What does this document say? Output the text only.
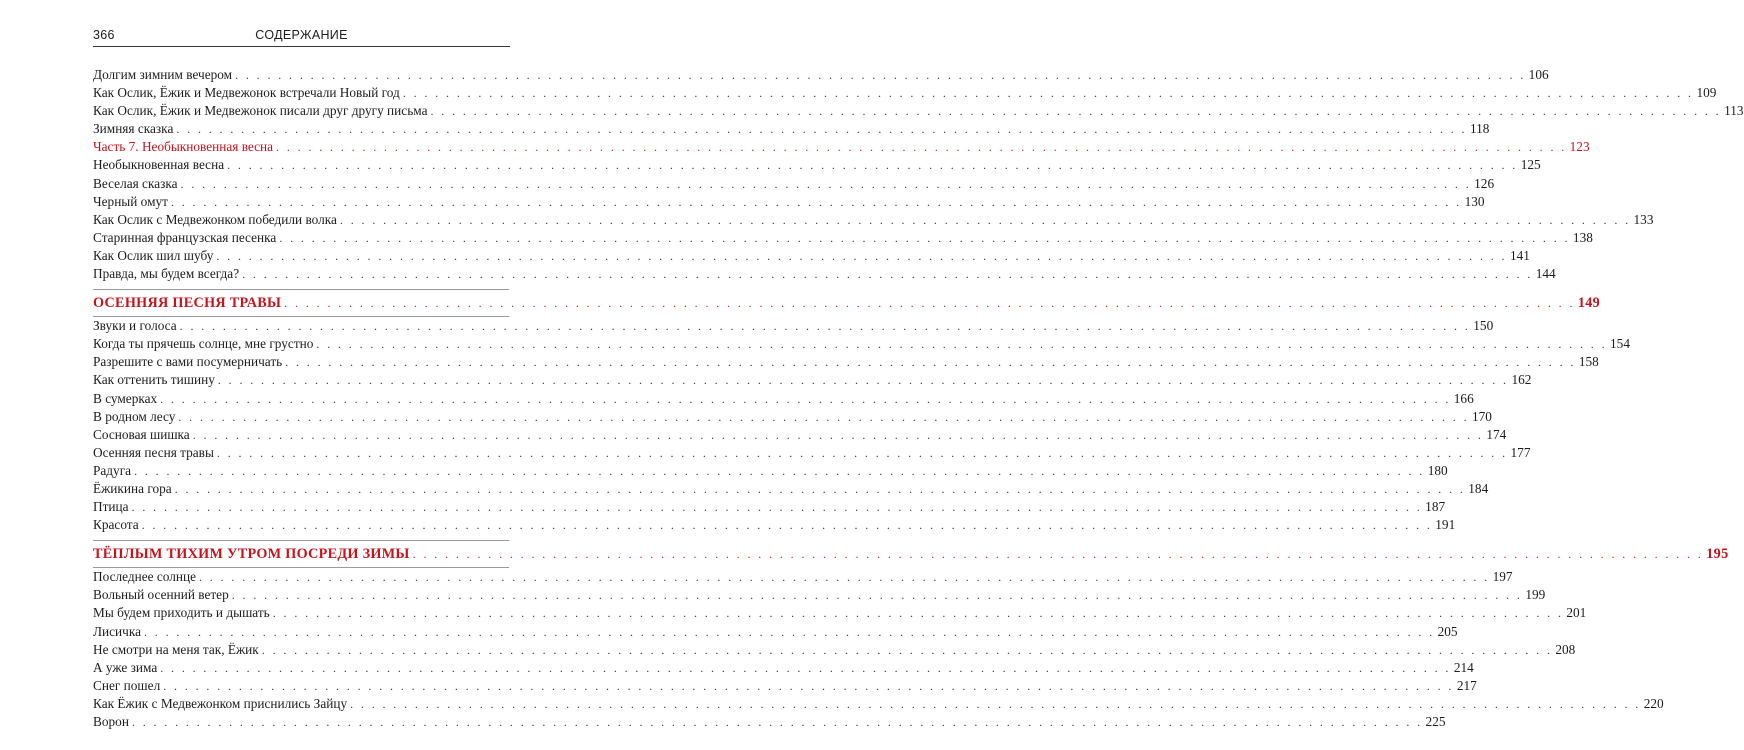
366	СОДЕРЖАНИЕ
Долгим зимним вечером . . . . . . . . . . . . . . . . . . . . . . . . . . . . . . . . . . . . . . . . . . . . . . . . . . . . . . . . . . . . . . . . . . . . . . . . . . . . . . . . . . . . . . . . . . . . . . . . . . . . . . . . . . . . . . . . . . . . . . . . 106
Как Ослик, Ёжик и Медвежонок встречали Новый год . . . . . . . . . . . . . . . . . . . . . . . . . . . . . . . . . . . . . . . . . . . . . . . . . . . . . . . . . . . . . . . . . . . . . . . . . . . . . . . . . . . . . . . . . . . . . . . . . . . . . . . . . . . . . . . . . . . . . . . . 109
Как Ослик, Ёжик и Медвежонок писали друг другу письма . . . . . . . . . . . . . . . . . . . . . . . . . . . . . . . . . . . . . . . . . . . . . . . . . . . . . . . . . . . . . . . . . . . . . . . . . . . . . . . . . . . . . . . . . . . . . . . . . . . . . . . . . . . . . . . . . . . . . . . . 113
Зимняя сказка . . . . . . . . . . . . . . . . . . . . . . . . . . . . . . . . . . . . . . . . . . . . . . . . . . . . . . . . . . . . . . . . . . . . . . . . . . . . . . . . . . . . . . . . . . . . . . . . . . . . . . . . . . . . . . . . . . . . . . . . 118
Часть 7. Необыкновенная весна . . . . . . . . . . . . . . . . . . . . . . . . . . . . . . . . . . . . . . . . . . . . . . . . . . . . . . . . . . . . . . . . . . . . . . . . . . . . . . . . . . . . . . . . . . . . . . . . . . . . . . . . . . . . . . . . . . . . . . . . 123
Необыкновенная весна . . . . . . . . . . . . . . . . . . . . . . . . . . . . . . . . . . . . . . . . . . . . . . . . . . . . . . . . . . . . . . . . . . . . . . . . . . . . . . . . . . . . . . . . . . . . . . . . . . . . . . . . . . . . . . . . . . . . . . . . 125
Веселая сказка . . . . . . . . . . . . . . . . . . . . . . . . . . . . . . . . . . . . . . . . . . . . . . . . . . . . . . . . . . . . . . . . . . . . . . . . . . . . . . . . . . . . . . . . . . . . . . . . . . . . . . . . . . . . . . . . . . . . . . . . 126
Черный омут . . . . . . . . . . . . . . . . . . . . . . . . . . . . . . . . . . . . . . . . . . . . . . . . . . . . . . . . . . . . . . . . . . . . . . . . . . . . . . . . . . . . . . . . . . . . . . . . . . . . . . . . . . . . . . . . . . . . . . . . 130
Как Ослик с Медвежонком победили волка . . . . . . . . . . . . . . . . . . . . . . . . . . . . . . . . . . . . . . . . . . . . . . . . . . . . . . . . . . . . . . . . . . . . . . . . . . . . . . . . . . . . . . . . . . . . . . . . . . . . . . . . . . . . . . . . . . . . . . . . 133
Старинная французская песенка . . . . . . . . . . . . . . . . . . . . . . . . . . . . . . . . . . . . . . . . . . . . . . . . . . . . . . . . . . . . . . . . . . . . . . . . . . . . . . . . . . . . . . . . . . . . . . . . . . . . . . . . . . . . . . . . . . . . . . . . 138
Как Ослик шил шубу . . . . . . . . . . . . . . . . . . . . . . . . . . . . . . . . . . . . . . . . . . . . . . . . . . . . . . . . . . . . . . . . . . . . . . . . . . . . . . . . . . . . . . . . . . . . . . . . . . . . . . . . . . . . . . . . . . . . . . . . 141
Правда, мы будем всегда? . . . . . . . . . . . . . . . . . . . . . . . . . . . . . . . . . . . . . . . . . . . . . . . . . . . . . . . . . . . . . . . . . . . . . . . . . . . . . . . . . . . . . . . . . . . . . . . . . . . . . . . . . . . . . . . . . . . . . . . . 144
ОСЕННЯЯ ПЕСНЯ ТРАВЫ . . . . . . . . . . . . . . . . . . . . . . . . . . . . . . . . . . . . . . . . . . . . . . . . . . . . . . . . . . . . . . . . . . . . . . . . . . . . . . . . . . . . . . . . . . . . . . . . . . . . . . . . . . . . . . . . . . . . . . . . 149
Звуки и голоса . . . . . . . . . . . . . . . . . . . . . . . . . . . . . . . . . . . . . . . . . . . . . . . . . . . . . . . . . . . . . . . . . . . . . . . . . . . . . . . . . . . . . . . . . . . . . . . . . . . . . . . . . . . . . . . . . . . . . . . . 150
Когда ты прячешь солнце, мне грустно . . . . . . . . . . . . . . . . . . . . . . . . . . . . . . . . . . . . . . . . . . . . . . . . . . . . . . . . . . . . . . . . . . . . . . . . . . . . . . . . . . . . . . . . . . . . . . . . . . . . . . . . . . . . . . . . . . . . . . . . 154
Разрешите с вами посумерничать . . . . . . . . . . . . . . . . . . . . . . . . . . . . . . . . . . . . . . . . . . . . . . . . . . . . . . . . . . . . . . . . . . . . . . . . . . . . . . . . . . . . . . . . . . . . . . . . . . . . . . . . . . . . . . . . . . . . . . . . 158
Как оттенить тишину . . . . . . . . . . . . . . . . . . . . . . . . . . . . . . . . . . . . . . . . . . . . . . . . . . . . . . . . . . . . . . . . . . . . . . . . . . . . . . . . . . . . . . . . . . . . . . . . . . . . . . . . . . . . . . . . . . . . . . . . 162
В сумерках . . . . . . . . . . . . . . . . . . . . . . . . . . . . . . . . . . . . . . . . . . . . . . . . . . . . . . . . . . . . . . . . . . . . . . . . . . . . . . . . . . . . . . . . . . . . . . . . . . . . . . . . . . . . . . . . . . . . . . . . 166
В родном лесу . . . . . . . . . . . . . . . . . . . . . . . . . . . . . . . . . . . . . . . . . . . . . . . . . . . . . . . . . . . . . . . . . . . . . . . . . . . . . . . . . . . . . . . . . . . . . . . . . . . . . . . . . . . . . . . . . . . . . . . . 170
Сосновая шишка . . . . . . . . . . . . . . . . . . . . . . . . . . . . . . . . . . . . . . . . . . . . . . . . . . . . . . . . . . . . . . . . . . . . . . . . . . . . . . . . . . . . . . . . . . . . . . . . . . . . . . . . . . . . . . . . . . . . . . . . 174
Осенняя песня травы . . . . . . . . . . . . . . . . . . . . . . . . . . . . . . . . . . . . . . . . . . . . . . . . . . . . . . . . . . . . . . . . . . . . . . . . . . . . . . . . . . . . . . . . . . . . . . . . . . . . . . . . . . . . . . . . . . . . . . . . 177
Радуга . . . . . . . . . . . . . . . . . . . . . . . . . . . . . . . . . . . . . . . . . . . . . . . . . . . . . . . . . . . . . . . . . . . . . . . . . . . . . . . . . . . . . . . . . . . . . . . . . . . . . . . . . . . . . . . . . . . . . . . . 180
Ёжикина гора . . . . . . . . . . . . . . . . . . . . . . . . . . . . . . . . . . . . . . . . . . . . . . . . . . . . . . . . . . . . . . . . . . . . . . . . . . . . . . . . . . . . . . . . . . . . . . . . . . . . . . . . . . . . . . . . . . . . . . . . 184
Птица . . . . . . . . . . . . . . . . . . . . . . . . . . . . . . . . . . . . . . . . . . . . . . . . . . . . . . . . . . . . . . . . . . . . . . . . . . . . . . . . . . . . . . . . . . . . . . . . . . . . . . . . . . . . . . . . . . . . . . . . 187
Красота . . . . . . . . . . . . . . . . . . . . . . . . . . . . . . . . . . . . . . . . . . . . . . . . . . . . . . . . . . . . . . . . . . . . . . . . . . . . . . . . . . . . . . . . . . . . . . . . . . . . . . . . . . . . . . . . . . . . . . . . 191
ТЁПЛЫМ ТИХИМ УТРОМ ПОСРЕДИ ЗИМЫ . . . . . . . . . . . . . . . . . . . . . . . . . . . . . . . . . . . . . . . . . . . . . . . . . . . . . . . . . . . . . . . . . . . . . . . . . . . . . . . . . . . . . . . . . . . . . . . . . . . . . . . . . . . . . . . . . . . . . . . . 195
Последнее солнце . . . . . . . . . . . . . . . . . . . . . . . . . . . . . . . . . . . . . . . . . . . . . . . . . . . . . . . . . . . . . . . . . . . . . . . . . . . . . . . . . . . . . . . . . . . . . . . . . . . . . . . . . . . . . . . . . . . . . . . . 197
Вольный осенний ветер . . . . . . . . . . . . . . . . . . . . . . . . . . . . . . . . . . . . . . . . . . . . . . . . . . . . . . . . . . . . . . . . . . . . . . . . . . . . . . . . . . . . . . . . . . . . . . . . . . . . . . . . . . . . . . . . . . . . . . . . 199
Мы будем приходить и дышать . . . . . . . . . . . . . . . . . . . . . . . . . . . . . . . . . . . . . . . . . . . . . . . . . . . . . . . . . . . . . . . . . . . . . . . . . . . . . . . . . . . . . . . . . . . . . . . . . . . . . . . . . . . . . . . . . . . . . . . . 201
Лисичка . . . . . . . . . . . . . . . . . . . . . . . . . . . . . . . . . . . . . . . . . . . . . . . . . . . . . . . . . . . . . . . . . . . . . . . . . . . . . . . . . . . . . . . . . . . . . . . . . . . . . . . . . . . . . . . . . . . . . . . . 205
Не смотри на меня так, Ёжик . . . . . . . . . . . . . . . . . . . . . . . . . . . . . . . . . . . . . . . . . . . . . . . . . . . . . . . . . . . . . . . . . . . . . . . . . . . . . . . . . . . . . . . . . . . . . . . . . . . . . . . . . . . . . . . . . . . . . . . . 208
А уже зима . . . . . . . . . . . . . . . . . . . . . . . . . . . . . . . . . . . . . . . . . . . . . . . . . . . . . . . . . . . . . . . . . . . . . . . . . . . . . . . . . . . . . . . . . . . . . . . . . . . . . . . . . . . . . . . . . . . . . . . . 214
Снег пошел . . . . . . . . . . . . . . . . . . . . . . . . . . . . . . . . . . . . . . . . . . . . . . . . . . . . . . . . . . . . . . . . . . . . . . . . . . . . . . . . . . . . . . . . . . . . . . . . . . . . . . . . . . . . . . . . . . . . . . . . 217
Как Ёжик с Медвежонком приснились Зайцу . . . . . . . . . . . . . . . . . . . . . . . . . . . . . . . . . . . . . . . . . . . . . . . . . . . . . . . . . . . . . . . . . . . . . . . . . . . . . . . . . . . . . . . . . . . . . . . . . . . . . . . . . . . . . . . . . . . . . . . . 220
Ворон . . . . . . . . . . . . . . . . . . . . . . . . . . . . . . . . . . . . . . . . . . . . . . . . . . . . . . . . . . . . . . . . . . . . . . . . . . . . . . . . . . . . . . . . . . . . . . . . . . . . . . . . . . . . . . . . . . . . . . . . 225
